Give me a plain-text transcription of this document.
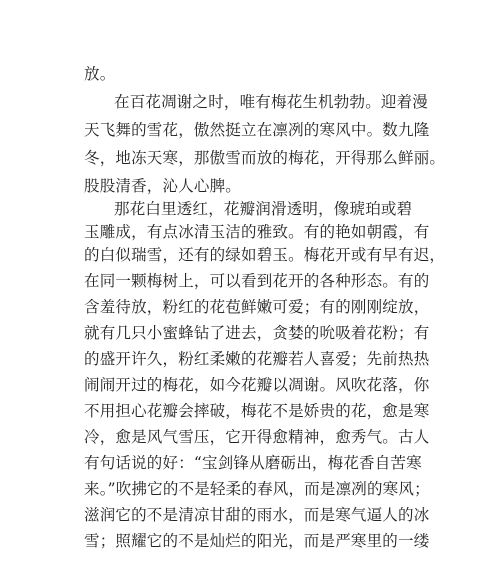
放。
在百花凋谢之时，唯有梅花生机勃勃。迎着漫
天飞舞的雪花，傲然挺立在凛冽的寒风中。数九隆
冬，地冻天寒，那傲雪而放的梅花，开得那么鲜丽。
股股清香，沁人心脾。
那花白里透红，花瓣润滑透明，像琥珀或碧
玉雕成，有点冰清玉洁的雅致。有的艳如朝霞，有
的白似瑞雪，还有的绿如碧玉。梅花开或有早有迟，
在同一颗梅树上，可以看到花开的各种形态。有的
含羞待放，粉红的花苞鲜嫩可爱；有的刚刚绽放，
就有几只小蜜蜂钻了进去，贪婪的吮吸着花粉；有
的盛开许久，粉红柔嫩的花瓣若人喜爱；先前热热
闹闹开过的梅花，如今花瓣以凋谢。风吹花落，你
不用担心花瓣会摔破，梅花不是娇贵的花，愈是寒
冷，愈是风气雪压，它开得愈精神，愈秀气。古人
有句话说的好：“宝剑锋从磨砺出，梅花香自苦寒
来。”吹拂它的不是轻柔的春风，而是凛冽的寒风；
滋润它的不是清凉甘甜的雨水，而是寒气逼人的冰
雪；照耀它的不是灿烂的阳光，而是严寒里的一缕
